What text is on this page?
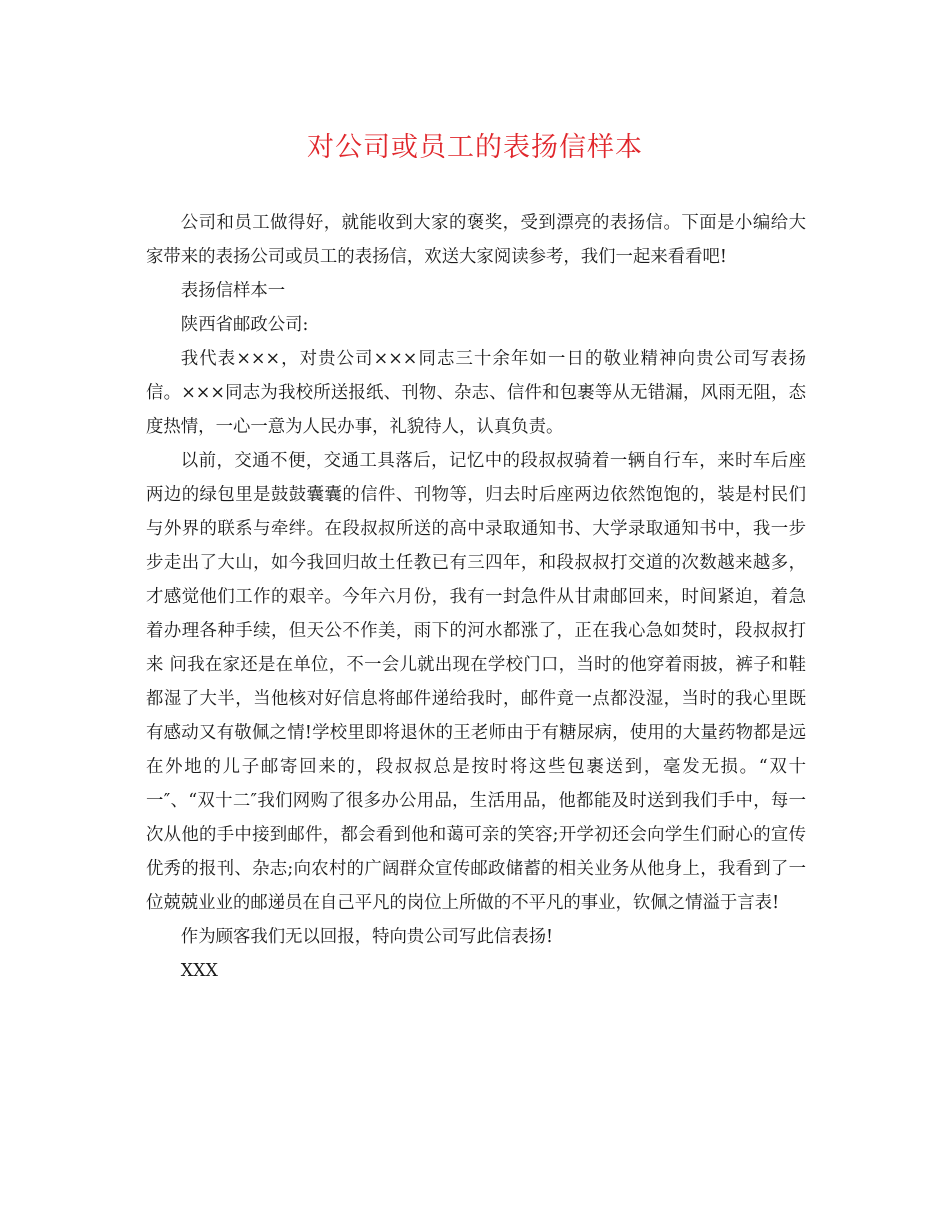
对公司或员工的表扬信样本

公司和员工做得好，就能收到大家的褒奖，受到漂亮的表扬信。下面是小编给大家带来的表扬公司或员工的表扬信，欢送大家阅读参考，我们一起来看看吧!

表扬信样本一

陕西省邮政公司:

我代表×××，对贵公司×××同志三十余年如一日的敬业精神向贵公司写表扬信。×××同志为我校所送报纸、刊物、杂志、信件和包裹等从无错漏，风雨无阻，态度热情，一心一意为人民办事，礼貌待人，认真负责。

以前，交通不便，交通工具落后，记忆中的段叔叔骑着一辆自行车，来时车后座两边的绿包里是鼓鼓囊囊的信件、刊物等，归去时后座两边依然饱饱的，装是村民们与外界的联系与牵绊。在段叔叔所送的高中录取通知书、大学录取通知书中，我一步步走出了大山，如今我回归故土任教已有三四年，和段叔叔打交道的次数越来越多，才感觉他们工作的艰辛。今年六月份，我有一封急件从甘肃邮回来，时间紧迫，着急着办理各种手续，但天公不作美，雨下的河水都涨了，正在我心急如焚时，段叔叔打来 问我在家还是在单位，不一会儿就出现在学校门口，当时的他穿着雨披，裤子和鞋都湿了大半，当他核对好信息将邮件递给我时，邮件竟一点都没湿，当时的我心里既有感动又有敬佩之情!学校里即将退休的王老师由于有糖尿病，使用的大量药物都是远在外地的儿子邮寄回来的，段叔叔总是按时将这些包裹送到，毫发无损。“双十一″、“双十二″我们网购了很多办公用品，生活用品，他都能及时送到我们手中，每一次从他的手中接到邮件，都会看到他和蔼可亲的笑容;开学初还会向学生们耐心的宣传优秀的报刊、杂志;向农村的广阔群众宣传邮政储蓄的相关业务从他身上，我看到了一位兢兢业业的邮递员在自己平凡的岗位上所做的不平凡的事业，钦佩之情溢于言表!

作为顾客我们无以回报，特向贵公司写此信表扬!

XXX
